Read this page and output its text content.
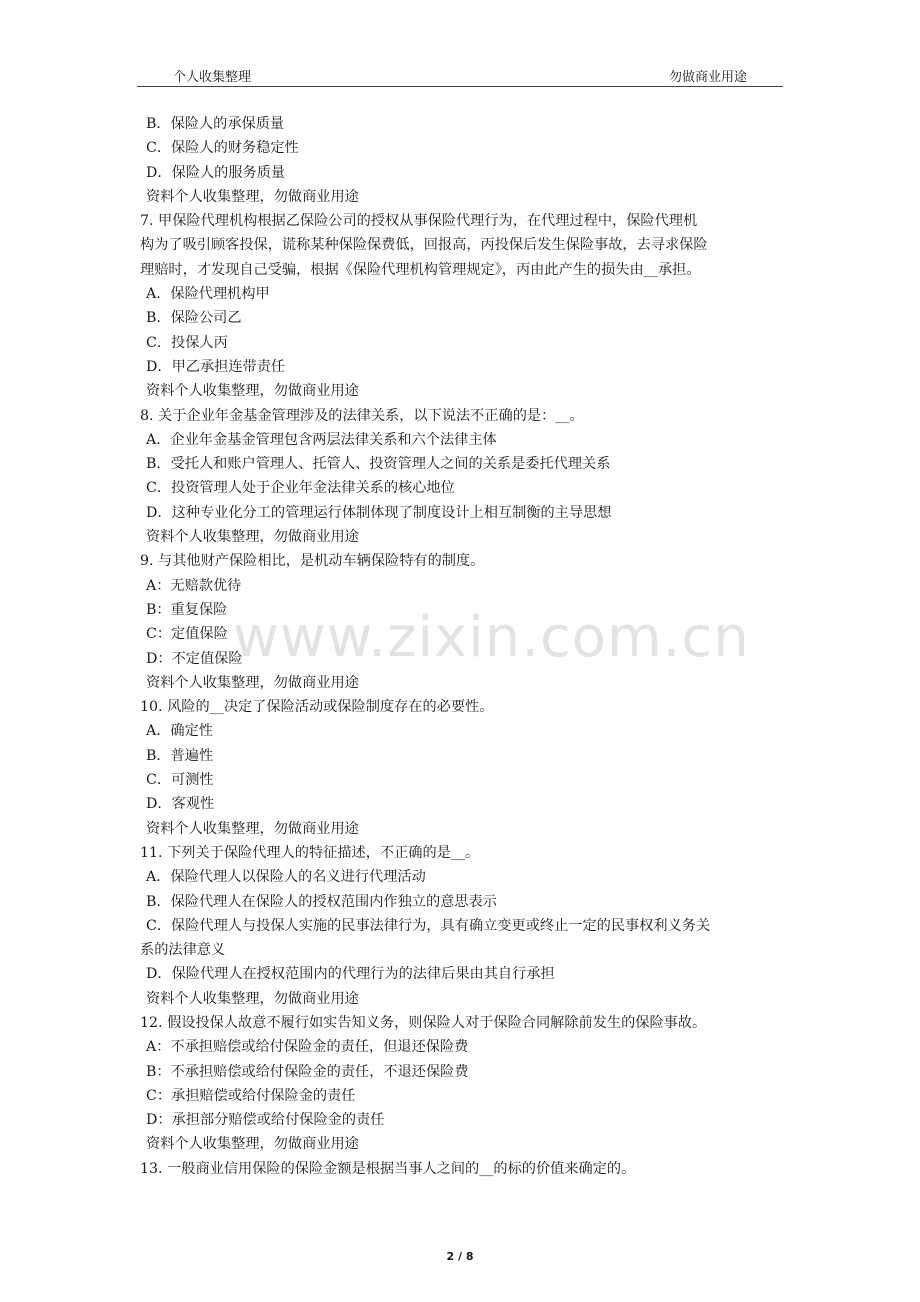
个人收集整理	勿做商业用途
www.zixin.com.cn
B．保险人的承保质量
C．保险人的财务稳定性
D．保险人的服务质量
资料个人收集整理，勿做商业用途
7. 甲保险代理机构根据乙保险公司的授权从事保险代理行为，在代理过程中，保险代理机
构为了吸引顾客投保，谎称某种保险保费低，回报高，丙投保后发生保险事故，去寻求保险
理赔时，才发现自己受骗，根据《保险代理机构管理规定》，丙由此产生的损失由__承担。
A．保险代理机构甲
B．保险公司乙
C．投保人丙
D．甲乙承担连带责任
资料个人收集整理，勿做商业用途
8. 关于企业年金基金管理涉及的法律关系，以下说法不正确的是：__。
A．企业年金基金管理包含两层法律关系和六个法律主体
B．受托人和账户管理人、托管人、投资管理人之间的关系是委托代理关系
C．投资管理人处于企业年金法律关系的核心地位
D．这种专业化分工的管理运行体制体现了制度设计上相互制衡的主导思想
资料个人收集整理，勿做商业用途
9. 与其他财产保险相比，是机动车辆保险特有的制度。
A：无赔款优待
B：重复保险
C：定值保险
D：不定值保险
资料个人收集整理，勿做商业用途
10. 风险的__决定了保险活动或保险制度存在的必要性。
A．确定性
B．普遍性
C．可测性
D．客观性
资料个人收集整理，勿做商业用途
11. 下列关于保险代理人的特征描述，不正确的是__。
A．保险代理人以保险人的名义进行代理活动
B．保险代理人在保险人的授权范围内作独立的意思表示
C．保险代理人与投保人实施的民事法律行为，具有确立变更或终止一定的民事权利义务关
系的法律意义
D．保险代理人在授权范围内的代理行为的法律后果由其自行承担
资料个人收集整理，勿做商业用途
12. 假设投保人故意不履行如实告知义务，则保险人对于保险合同解除前发生的保险事故。
A：不承担赔偿或给付保险金的责任，但退还保险费
B：不承担赔偿或给付保险金的责任，不退还保险费
C：承担赔偿或给付保险金的责任
D：承担部分赔偿或给付保险金的责任
资料个人收集整理，勿做商业用途
13. 一般商业信用保险的保险金额是根据当事人之间的__的标的价值来确定的。
2 / 8
